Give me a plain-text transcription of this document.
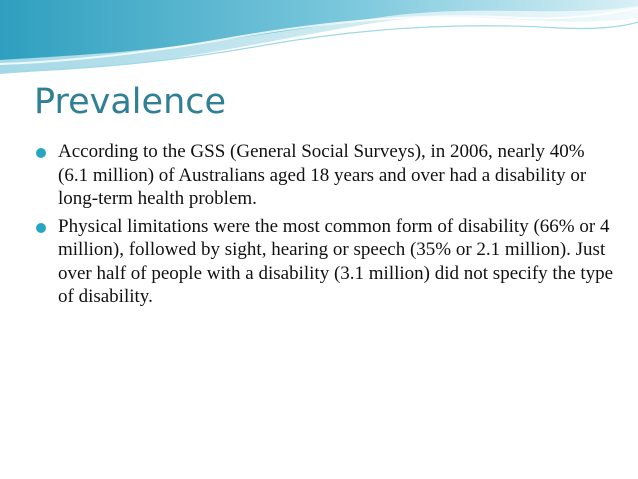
Prevalence
According to the GSS (General Social Surveys), in 2006, nearly 40% (6.1 million) of Australians aged 18 years and over had a disability or long-term health problem.
Physical limitations were the most common form of disability (66% or 4 million), followed by sight, hearing or speech (35% or 2.1 million). Just over half of people with a disability (3.1 million) did not specify the type of disability.
